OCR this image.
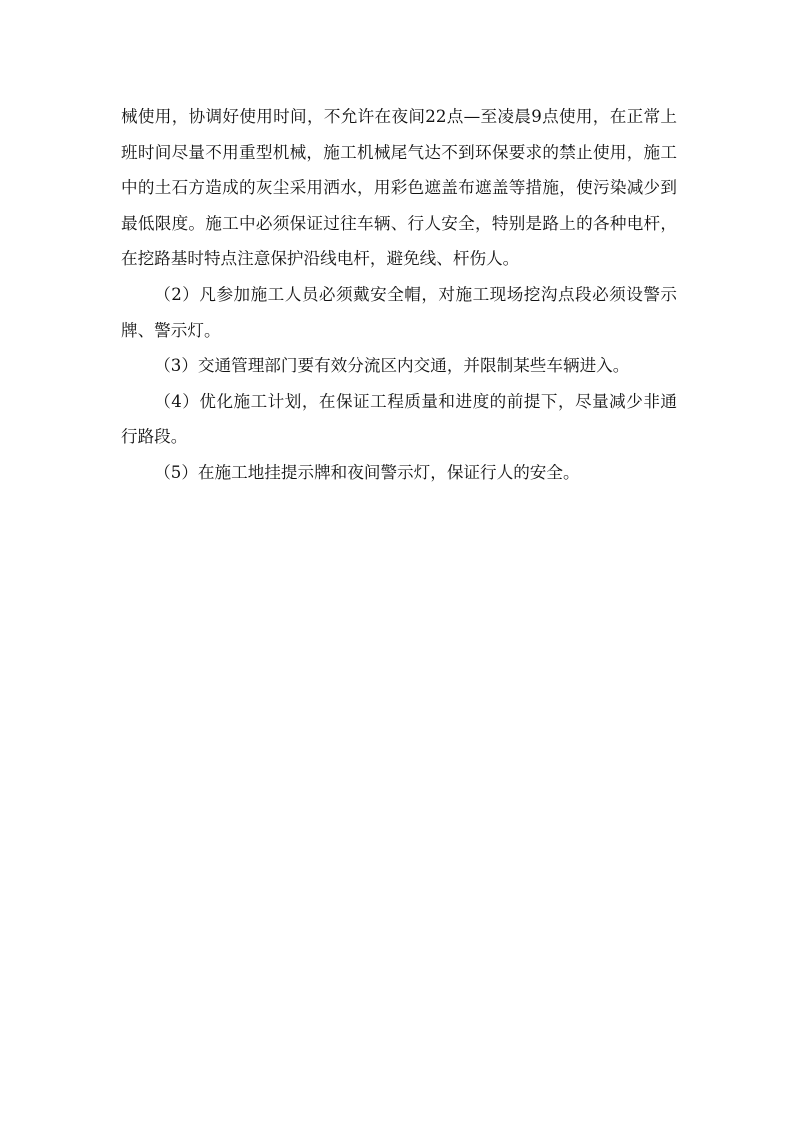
械使用，协调好使用时间，不允许在夜间22点—至凌晨9点使用，在正常上班时间尽量不用重型机械，施工机械尾气达不到环保要求的禁止使用，施工中的土石方造成的灰尘采用洒水，用彩色遮盖布遮盖等措施，使污染减少到最低限度。施工中必须保证过往车辆、行人安全，特别是路上的各种电杆，在挖路基时特点注意保护沿线电杆，避免线、杆伤人。

（2）凡参加施工人员必须戴安全帽，对施工现场挖沟点段必须设警示牌、警示灯。

（3）交通管理部门要有效分流区内交通，并限制某些车辆进入。

（4）优化施工计划，在保证工程质量和进度的前提下，尽量减少非通行路段。

（5）在施工地挂提示牌和夜间警示灯，保证行人的安全。
